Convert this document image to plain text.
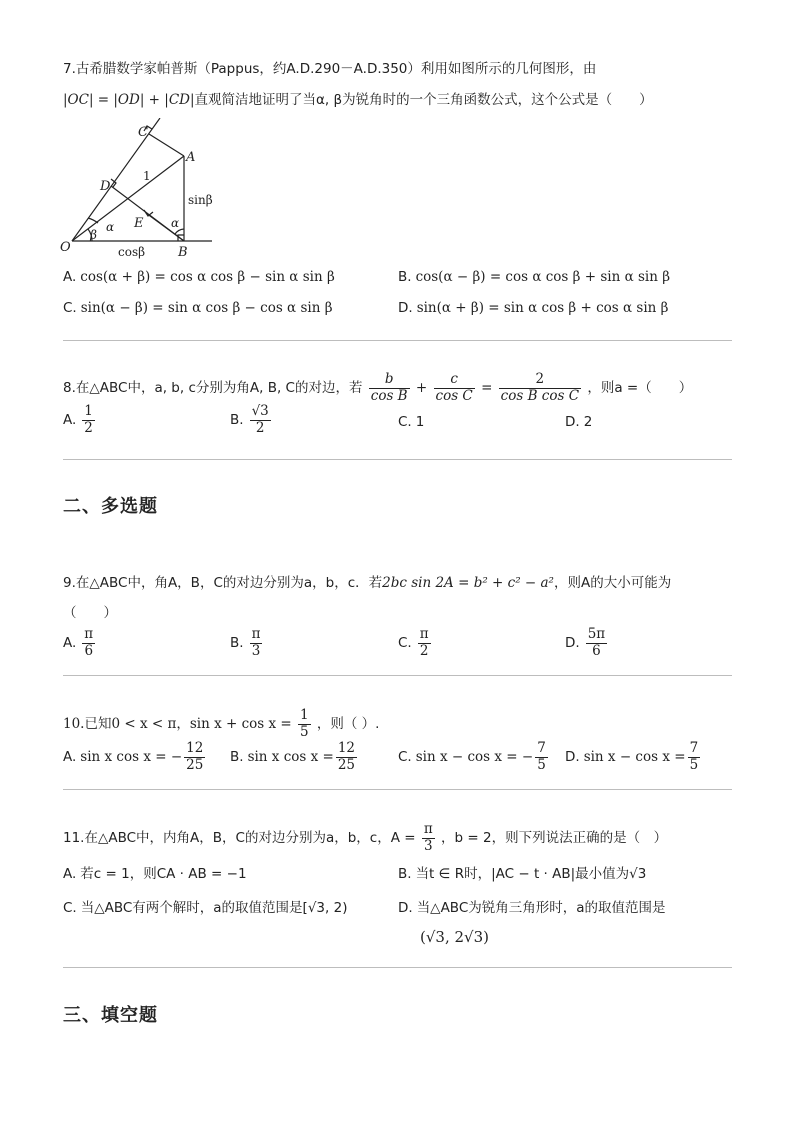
7.古希腊数学家帕普斯（Pappus，约A.D.290－A.D.350）利用如图所示的几何图形，由
|OC| = |OD| + |CD|直观简洁地证明了当α, β为锐角时的一个三角函数公式，这个公式是（　　）
C
A
D
E
O	B
sinβ
cosβ
1
α
β
α
A. cos(α + β) = cos α cos β − sin α sin β	B. cos(α − β) = cos α cos β + sin α sin β
C. sin(α − β) = sin α cos β − cos α sin β	D. sin(α + β) = sin α cos β + cos α sin β
8.在△ABC中，a, b, c分别为角A, B, C的对边，若 $\frac{b}{\text{cos B}} + \frac{c}{\text{cos C}} = \frac{2}{\text{cos B cos C}}$ ，则a =（　　）
A. $\frac{1}{2}$	B. $\frac{√3}{2}$	C. 1	D. 2
二、多选题
9.在△ABC中，角A，B，C的对边分别为a，b，c．若2bc sin 2A = b² + c² − a²，则A的大小可能为
（　　）
A. $\frac{\pi}{6}$	B. $\frac{\pi}{3}$	C. $\frac{\pi}{2}$	D. $\frac{5\pi}{6}$
10.已知0 < x < π，$\sin x + \cos x = \frac{1}{5}$ ，则（ ）.
A. sin x cos x = − $\frac{12}{25} B$. sin x $\cos x = \frac{12}{25}$	C. sin x − cos x = − $\frac{7}{5} D$. $\sin x - \cos x = \frac{7}{5}$
11.在△ABC中，内角A，B，C的对边分别为a，b，c，$A = \frac{\pi}{3}$ ，b = 2，则下列说法正确的是（　）
A. 若c = 1，则CA · AB = −1	B. 当t ∈ R时，|AC − t · AB|最小值为√3
C. 当△ABC有两个解时，a的取值范围是[√3, 2)	D. 当△ABC为锐角三角形时，a的取值范围是
(√3, 2√3)
三、填空题
